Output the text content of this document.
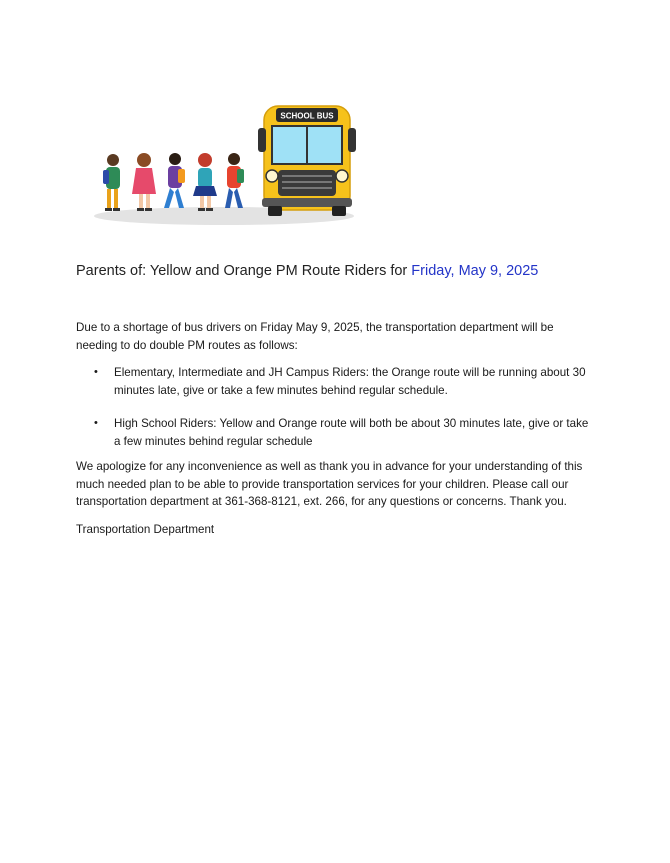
SCHOOL BUS
Parents of: Yellow and Orange PM Route Riders for Friday, May 9, 2025

Due to a shortage of bus drivers on Friday May 9, 2025, the transportation department will be needing to do double PM routes as follows:

• Elementary, Intermediate and JH Campus Riders: the Orange route will be running about 30 minutes late, give or take a few minutes behind regular schedule.
• High School Riders: Yellow and Orange route will both be about 30 minutes late, give or take a few minutes behind regular schedule

We apologize for any inconvenience as well as thank you in advance for your understanding of this much needed plan to be able to provide transportation services for your children. Please call our transportation department at 361-368-8121, ext. 266, for any questions or concerns. Thank you.

Transportation Department
